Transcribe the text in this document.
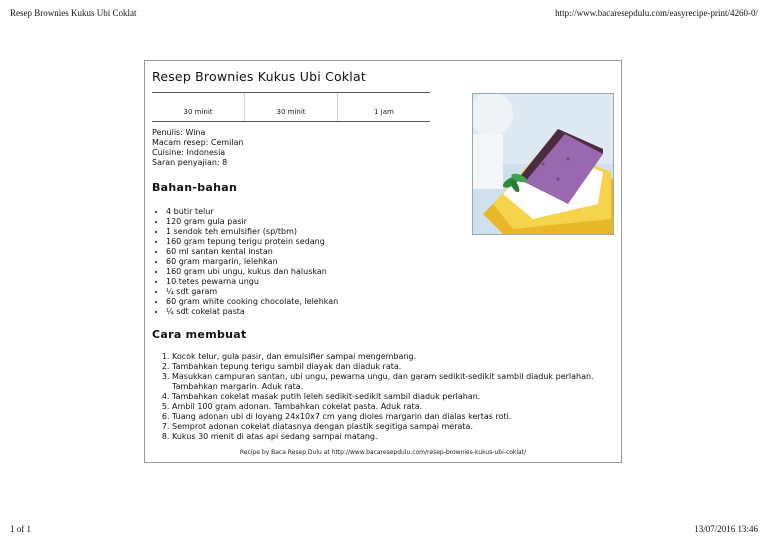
Resep Brownies Kukus Ubi Coklat	http://www.bacaresepdulu.com/easyrecipe-print/4260-0/
Resep Brownies Kukus Ubi Coklat
30 minit	30 minit	1 jam
Penulis: Wina
Macam resep: Cemilan
Cuisine: Indonesia
Saran penyajian: 8
Bahan-bahan
• 4 butir telur
• 120 gram gula pasir
• 1 sendok teh emulsifier (sp/tbm)
• 160 gram tepung terigu protein sedang
• 60 ml santan kental instan
• 60 gram margarin, lelehkan
• 160 gram ubi ungu, kukus dan haluskan
• 10 tetes pewarna ungu
• ¼ sdt garam
• 60 gram white cooking chocolate, lelehkan
• ¼ sdt cokelat pasta
Cara membuat
1. Kocok telur, gula pasir, dan emulsifier sampai mengembang.
2. Tambahkan tepung terigu sambil diayak dan diaduk rata.
3. Masukkan campuran santan, ubi ungu, pewarna ungu, dan garam sedikit-sedikit sambil diaduk perlahan. Tambahkan margarin. Aduk rata.
4. Tambahkan cokelat masak putih leleh sedikit-sedikit sambil diaduk perlahan.
5. Ambil 100 gram adonan. Tambahkan cokelat pasta. Aduk rata.
6. Tuang adonan ubi di loyang 24x10x7 cm yang dioles margarin dan dialas kertas roti.
7. Semprot adonan cokelat diatasnya dengan plastik segitiga sampai merata.
8. Kukus 30 menit di atas api sedang sampai matang.
Recipe by Baca Resep Dulu at http://www.bacaresepdulu.com/resep-brownies-kukus-ubi-coklat/
1 of 1	13/07/2016 13:46
